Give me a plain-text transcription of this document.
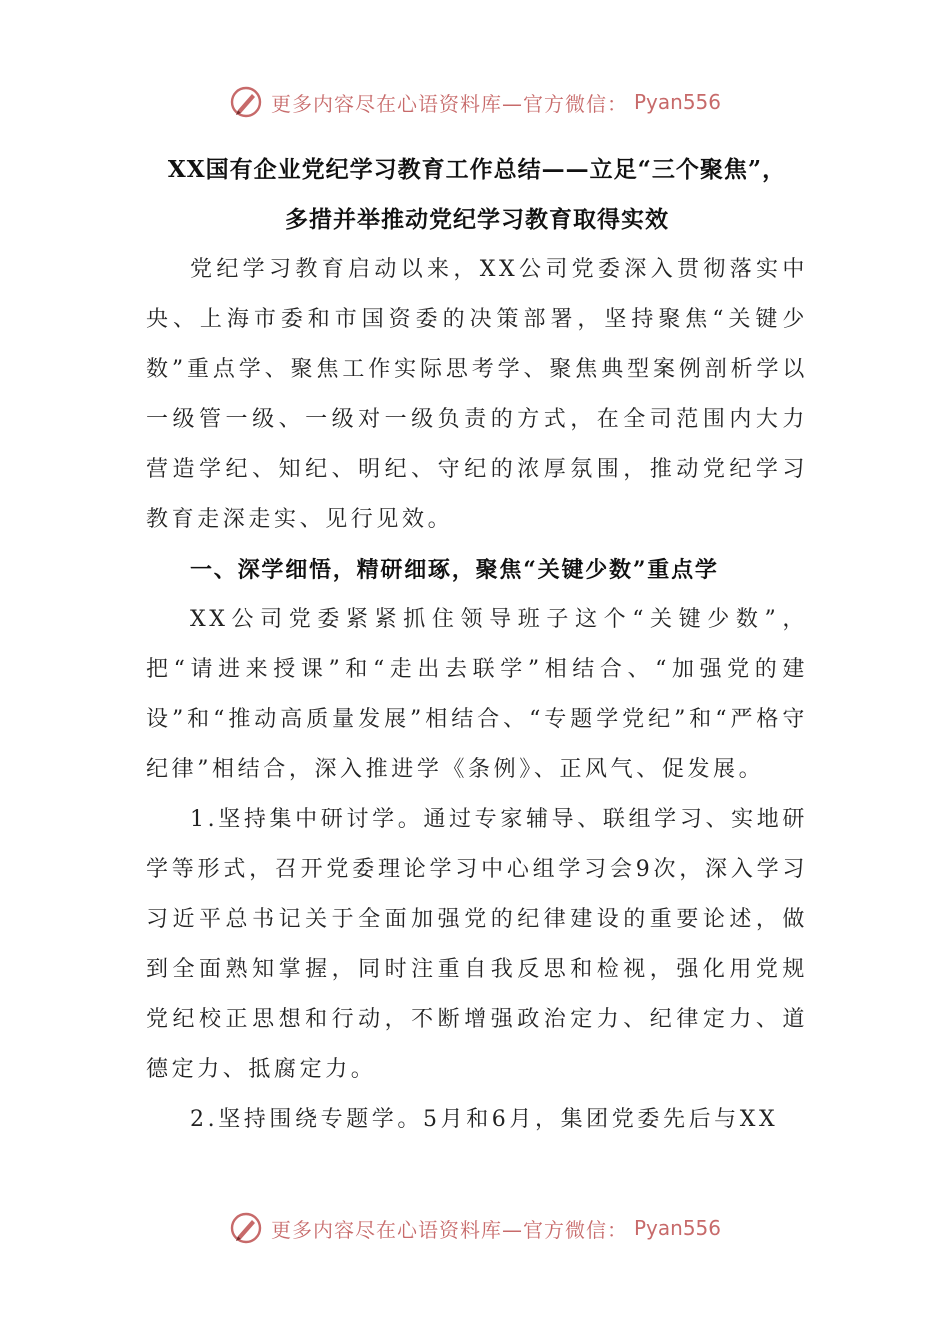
更多内容尽在心语资料库—官方微信： Pyan556
XX国有企业党纪学习教育工作总结——立足“三个聚焦”，
多措并举推动党纪学习教育取得实效

党纪学习教育启动以来，XX公司党委深入贯彻落实中央、上海市委和市国资委的决策部署，坚持聚焦“关键少数”重点学、聚焦工作实际思考学、聚焦典型案例剖析学以一级管一级、一级对一级负责的方式，在全司范围内大力营造学纪、知纪、明纪、守纪的浓厚氛围，推动党纪学习教育走深走实、见行见效。

一、深学细悟，精研细琢，聚焦“关键少数”重点学

XX公司党委紧紧抓住领导班子这个“关键少数”，把“请进来授课”和“走出去联学”相结合、“加强党的建设”和“推动高质量发展”相结合、“专题学党纪”和“严格守纪律”相结合，深入推进学《条例》、正风气、促发展。

1.坚持集中研讨学。通过专家辅导、联组学习、实地研学等形式，召开党委理论学习中心组学习会9次，深入学习习近平总书记关于全面加强党的纪律建设的重要论述，做到全面熟知掌握，同时注重自我反思和检视，强化用党规党纪校正思想和行动，不断增强政治定力、纪律定力、道德定力、抵腐定力。

2.坚持围绕专题学。5月和6月，集团党委先后与XX

更多内容尽在心语资料库—官方微信： Pyan556
